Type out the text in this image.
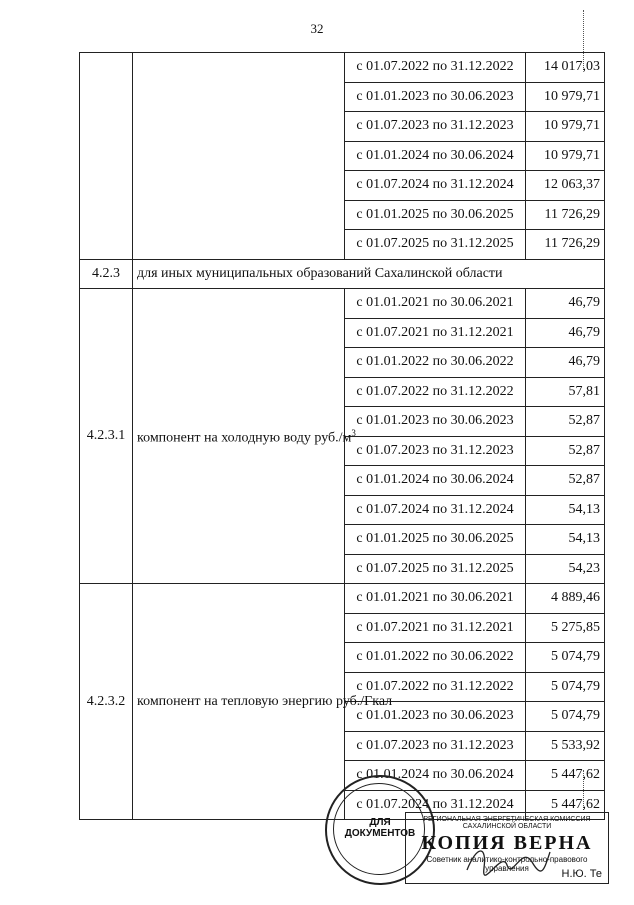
32
		с 01.07.2022 по 31.12.2022	14 017,03
		с 01.01.2023 по 30.06.2023	10 979,71
		с 01.07.2023 по 31.12.2023	10 979,71
		с 01.01.2024 по 30.06.2024	10 979,71
		с 01.07.2024 по 31.12.2024	12 063,37
		с 01.01.2025 по 30.06.2025	11 726,29
		с 01.07.2025 по 31.12.2025	11 726,29
4.2.3	для иных муниципальных образований Сахалинской области		
4.2.3.1	компонент на холодную воду $руб./м^3$	с 01.01.2021 по 30.06.2021	46,79
		с 01.07.2021 по 31.12.2021	46,79
		с 01.01.2022 по 30.06.2022	46,79
		с 01.07.2022 по 31.12.2022	57,81
		с 01.01.2023 по 30.06.2023	52,87
		с 01.07.2023 по 31.12.2023	52,87
		с 01.01.2024 по 30.06.2024	52,87
		с 01.07.2024 по 31.12.2024	54,13
		с 01.01.2025 по 30.06.2025	54,13
		с 01.07.2025 по 31.12.2025	54,23
4.2.3.2	компонент на тепловую энергию руб./Гкал	с 01.01.2021 по 30.06.2021	4 889,46
		с 01.07.2021 по 31.12.2021	5 275,85
		с 01.01.2022 по 30.06.2022	5 074,79
		с 01.07.2022 по 31.12.2022	5 074,79
		с 01.01.2023 по 30.06.2023	5 074,79
		с 01.07.2023 по 31.12.2023	5 533,92
		с 01.01.2024 по 30.06.2024	5 447,62
		с 01.07.2024 по 31.12.2024	5 447,62
ДЛЯ
ДОКУМЕНТОВ
РЕГИОНАЛЬНАЯ ЭНЕРГЕТИЧЕСКАЯ КОМИССИЯ САХАЛИНСКОЙ ОБЛАСТИ
КОПИЯ ВЕРНА
Советник аналитико-контрольно-правового управления	Н.Ю. Те
